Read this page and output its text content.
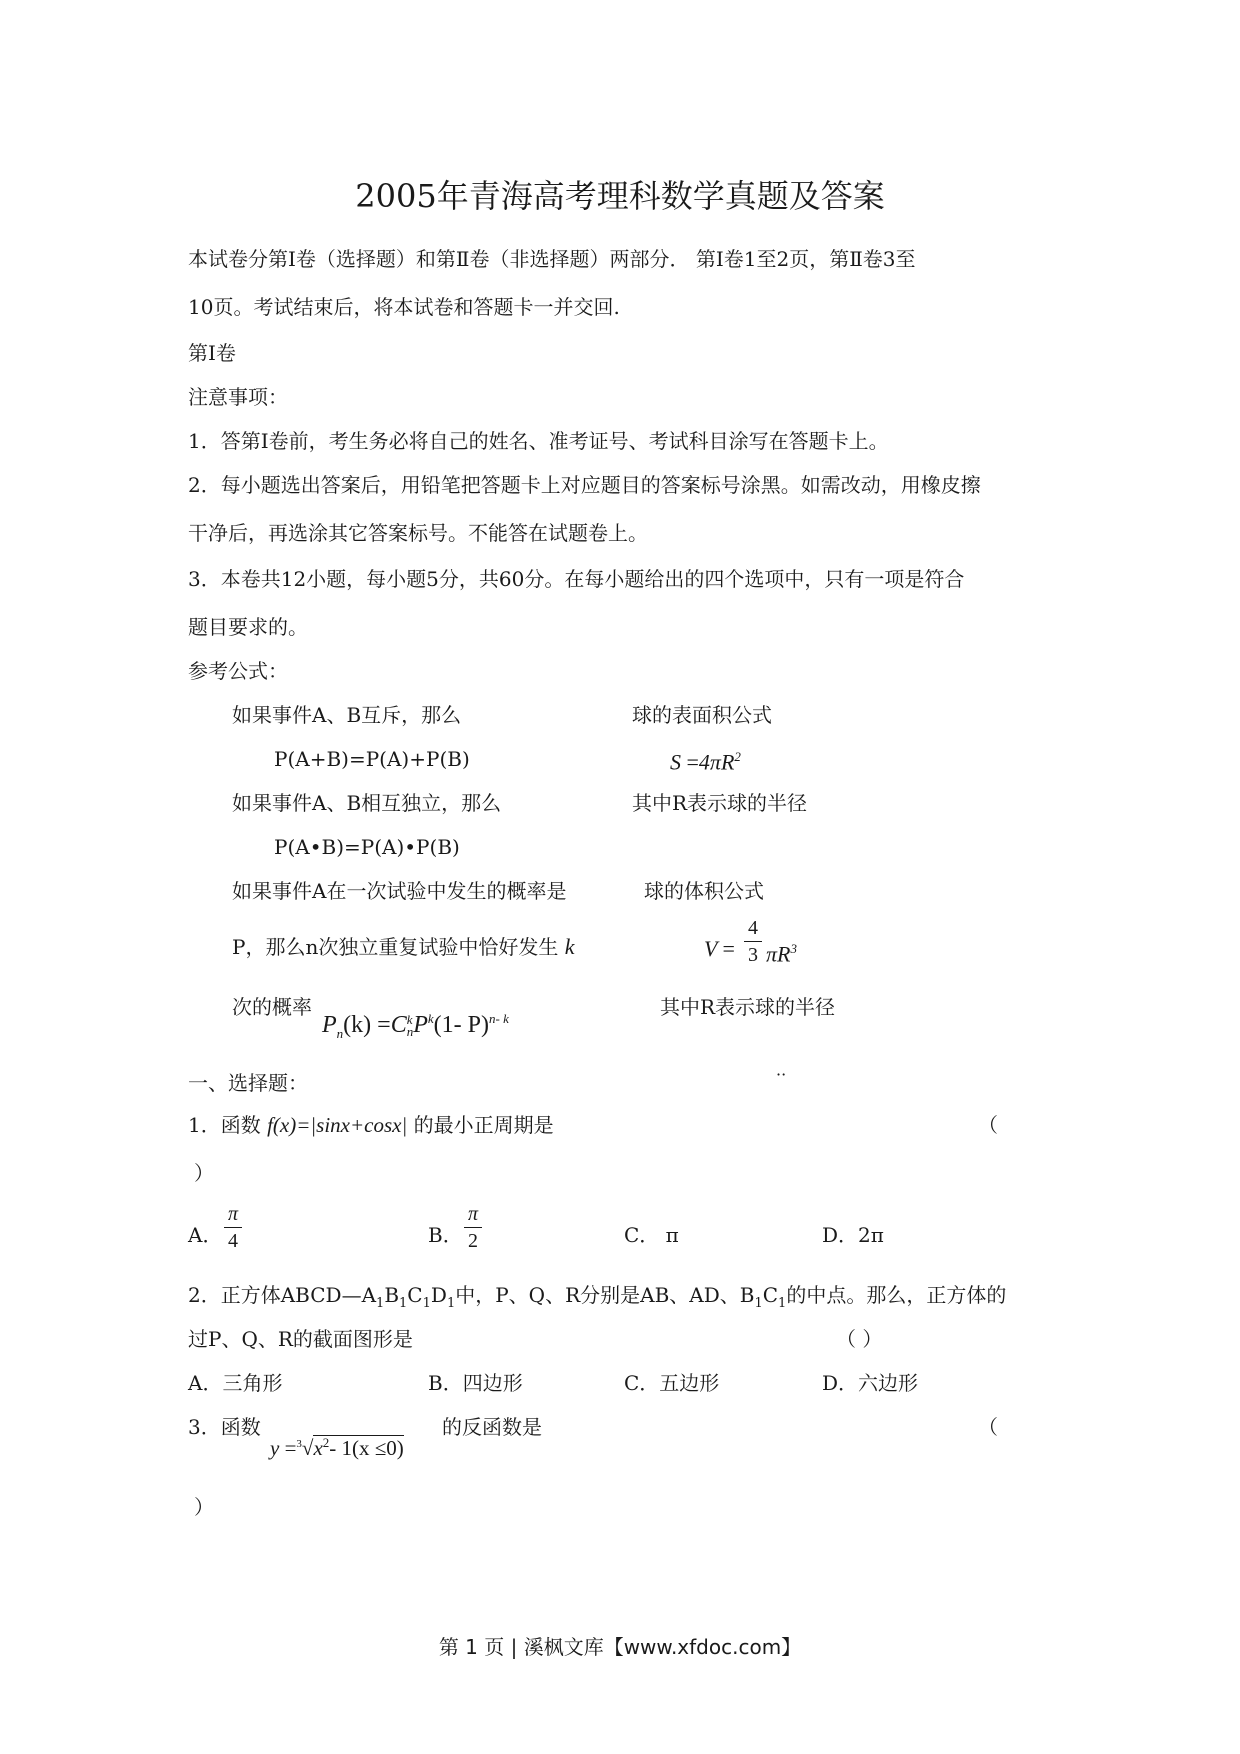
2005年青海高考理科数学真题及答案
本试卷分第Ⅰ卷（选择题）和第Ⅱ卷（非选择题）两部分． 第Ⅰ卷1至2页，第Ⅱ卷3至
10页。考试结束后，将本试卷和答题卡一并交回.
第Ⅰ卷
注意事项：
1．答第Ⅰ卷前，考生务必将自己的姓名、准考证号、考试科目涂写在答题卡上。
2．每小题选出答案后，用铅笔把答题卡上对应题目的答案标号涂黑。如需改动，用橡皮擦
干净后，再选涂其它答案标号。不能答在试题卷上。
3．本卷共12小题，每小题5分，共60分。在每小题给出的四个选项中，只有一项是符合
题目要求的。
参考公式：
如果事件A、B互斥，那么
P(A+B)=P(A)+P(B)
如果事件A、B相互独立，那么
P(A•B)=P(A)•P(B)
如果事件A在一次试验中发生的概率是
P，那么n次独立重复试验中恰好发生 k
次的概率
$P_n(k) =C$ k
n $P^k(1-$ P)$^{n- k}$
球的表面积公式
$S =4\pi R^2$
其中R表示球的半径
球的体积公式
V =
4
3 $\pi R^3$
其中R表示球的半径
一、选择题：	··
1．函数 f(x)=|sinx+cosx| 的最小正周期是	（
）
A．
π
4	B．
π
2	C． π	D．2π
2．正方体$ABCD—A_1B_1C_1D_1$中，P、Q、R分别是AB、AD、$B_1C_1$的中点。那么，正方体的
过P、Q、R的截面图形是	（ ）
A．三角形	B．四边形	C．五边形	D．六边形
3．函数
$y =^3√x^2-$ 1(x ≤0)
的反函数是	（
）
第 1 页 | 溪枫文库【www.xfdoc.com】
